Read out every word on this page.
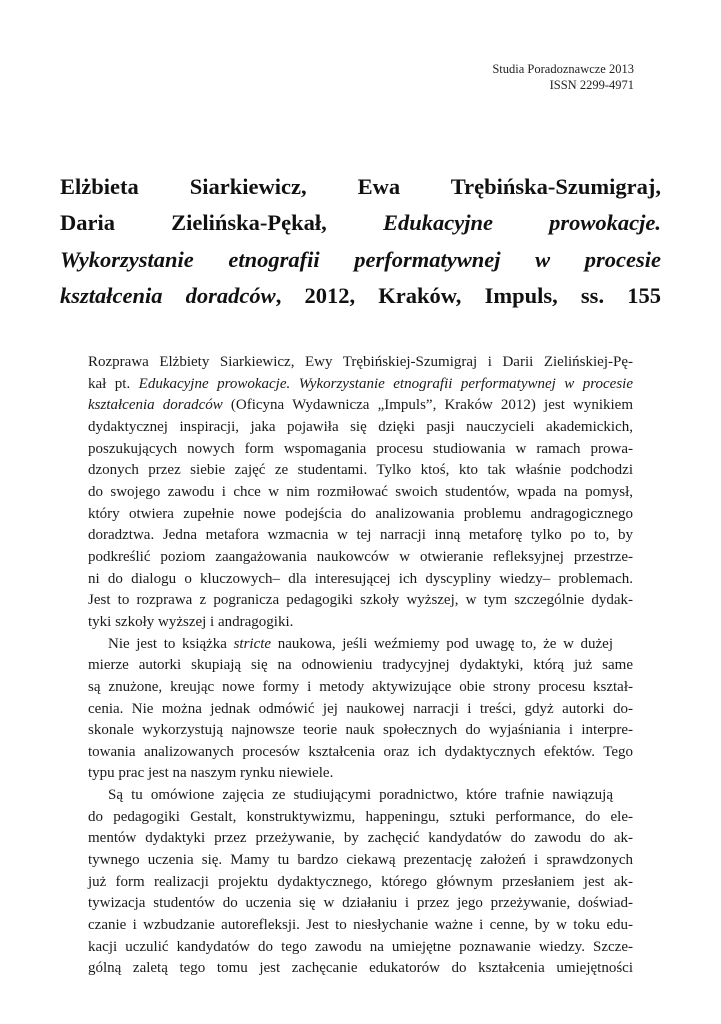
Studia Poradoznawcze 2013
ISSN 2299-4971
Elżbieta Siarkiewicz, Ewa Trębińska-Szumigraj,
Daria Zielińska-Pękał, Edukacyjne prowokacje.
Wykorzystanie etnografii performatywnej w procesie
kształcenia doradców, 2012, Kraków, Impuls, ss. 155
Rozprawa Elżbiety Siarkiewicz, Ewy Trębińskiej-Szumigraj i Darii Zielińskiej-Pę-
kał pt. Edukacyjne prowokacje. Wykorzystanie etnografii performatywnej w procesie
kształcenia doradców (Oficyna Wydawnicza „Impuls”, Kraków 2012) jest wynikiem
dydaktycznej inspiracji, jaka pojawiła się dzięki pasji nauczycieli akademickich,
poszukujących nowych form wspomagania procesu studiowania w ramach prowa-
dzonych przez siebie zajęć ze studentami. Tylko ktoś, kto tak właśnie podchodzi
do swojego zawodu i chce w nim rozmiłować swoich studentów, wpada na pomysł,
który otwiera zupełnie nowe podejścia do analizowania problemu andragogicznego
doradztwa. Jedna metafora wzmacnia w tej narracji inną metaforę tylko po to, by
podkreślić poziom zaangażowania naukowców w otwieranie refleksyjnej przestrze-
ni do dialogu o kluczowych– dla interesującej ich dyscypliny wiedzy– problemach.
Jest to rozprawa z pogranicza pedagogiki szkoły wyższej, w tym szczególnie dydak-
tyki szkoły wyższej i andragogiki.
Nie jest to książka stricte naukowa, jeśli weźmiemy pod uwagę to, że w dużej
mierze autorki skupiają się na odnowieniu tradycyjnej dydaktyki, którą już same
są znużone, kreując nowe formy i metody aktywizujące obie strony procesu kształ-
cenia. Nie można jednak odmówić jej naukowej narracji i treści, gdyż autorki do-
skonale wykorzystują najnowsze teorie nauk społecznych do wyjaśniania i interpre-
towania analizowanych procesów kształcenia oraz ich dydaktycznych efektów. Tego
typu prac jest na naszym rynku niewiele.
Są tu omówione zajęcia ze studiującymi poradnictwo, które trafnie nawiązują
do pedagogiki Gestalt, konstruktywizmu, happeningu, sztuki performance, do ele-
mentów dydaktyki przez przeżywanie, by zachęcić kandydatów do zawodu do ak-
tywnego uczenia się. Mamy tu bardzo ciekawą prezentację założeń i sprawdzonych
już form realizacji projektu dydaktycznego, którego głównym przesłaniem jest ak-
tywizacja studentów do uczenia się w działaniu i przez jego przeżywanie, doświad-
czanie i wzbudzanie autorefleksji. Jest to niesłychanie ważne i cenne, by w toku edu-
kacji uczulić kandydatów do tego zawodu na umiejętne poznawanie wiedzy. Szcze-
gólną zaletą tego tomu jest zachęcanie edukatorów do kształcenia umiejętności
